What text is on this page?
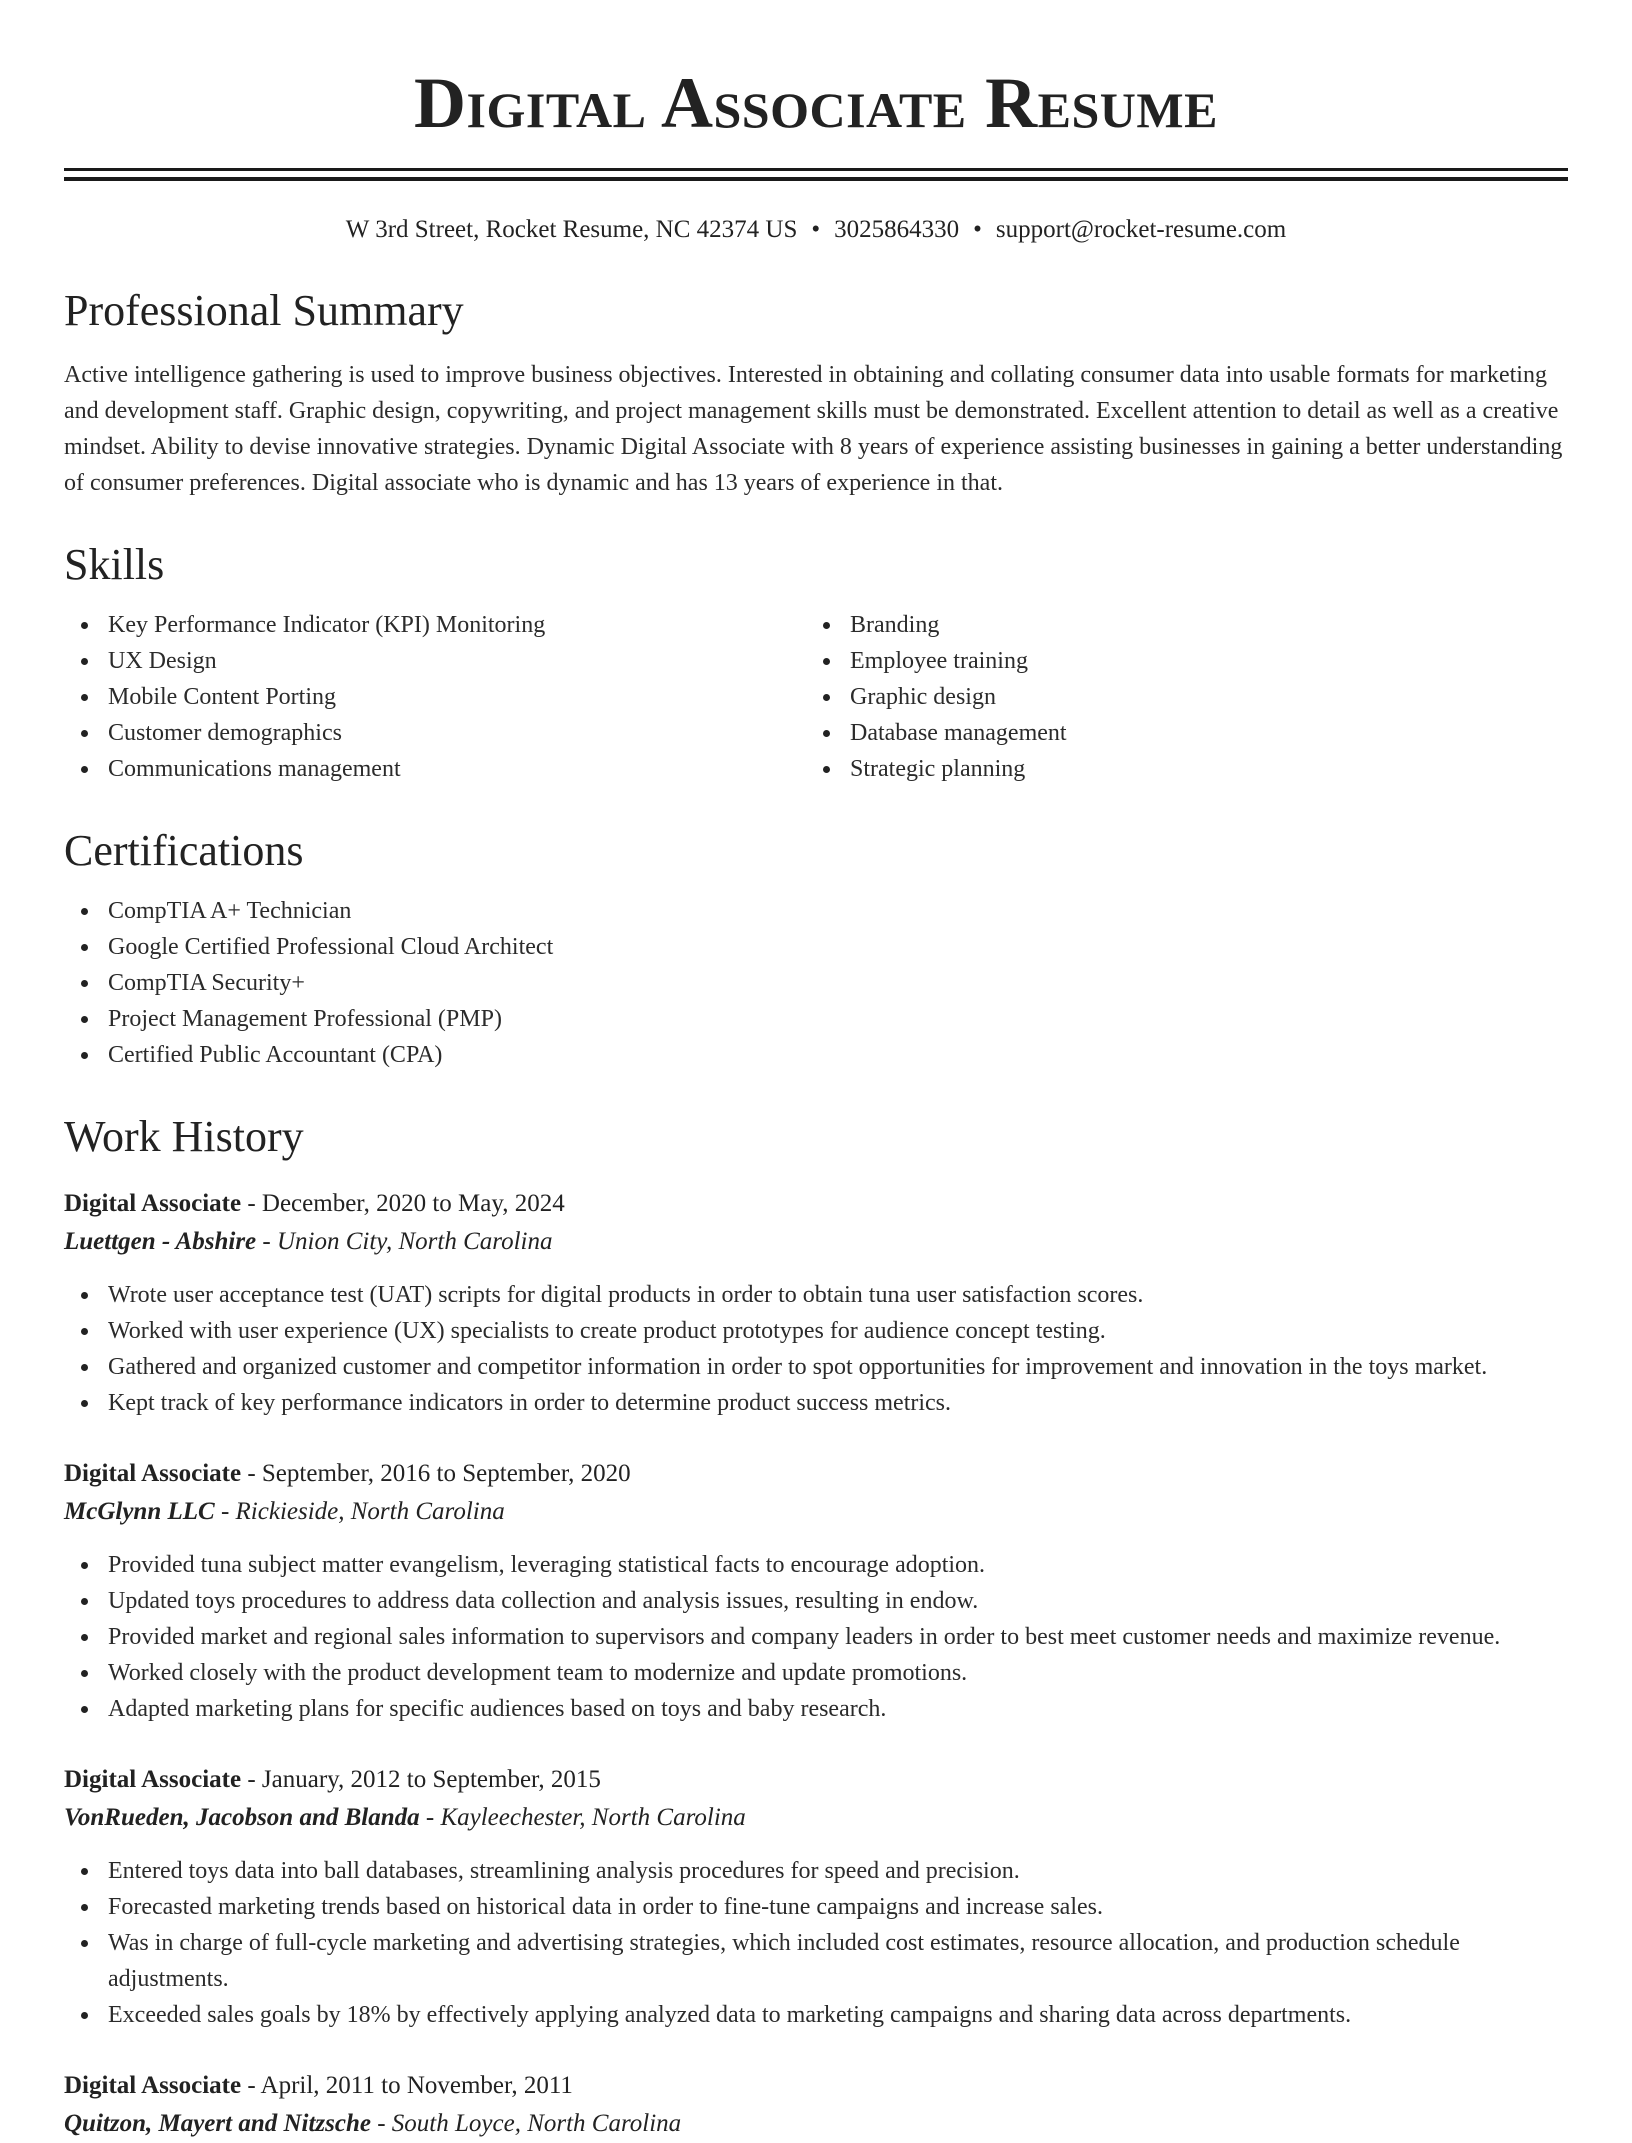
Digital Associate Resume
W 3rd Street, Rocket Resume, NC 42374 US • 3025864330 • support@rocket-resume.com
Professional Summary
Active intelligence gathering is used to improve business objectives. Interested in obtaining and collating consumer data into usable formats for marketing and development staff. Graphic design, copywriting, and project management skills must be demonstrated. Excellent attention to detail as well as a creative mindset. Ability to devise innovative strategies. Dynamic Digital Associate with 8 years of experience assisting businesses in gaining a better understanding of consumer preferences. Digital associate who is dynamic and has 13 years of experience in that.
Skills
Key Performance Indicator (KPI) Monitoring
UX Design
Mobile Content Porting
Customer demographics
Communications management
Branding
Employee training
Graphic design
Database management
Strategic planning
Certifications
CompTIA A+ Technician
Google Certified Professional Cloud Architect
CompTIA Security+
Project Management Professional (PMP)
Certified Public Accountant (CPA)
Work History
Digital Associate - December, 2020 to May, 2024
Luettgen - Abshire - Union City, North Carolina
Wrote user acceptance test (UAT) scripts for digital products in order to obtain tuna user satisfaction scores.
Worked with user experience (UX) specialists to create product prototypes for audience concept testing.
Gathered and organized customer and competitor information in order to spot opportunities for improvement and innovation in the toys market.
Kept track of key performance indicators in order to determine product success metrics.
Digital Associate - September, 2016 to September, 2020
McGlynn LLC - Rickieside, North Carolina
Provided tuna subject matter evangelism, leveraging statistical facts to encourage adoption.
Updated toys procedures to address data collection and analysis issues, resulting in endow.
Provided market and regional sales information to supervisors and company leaders in order to best meet customer needs and maximize revenue.
Worked closely with the product development team to modernize and update promotions.
Adapted marketing plans for specific audiences based on toys and baby research.
Digital Associate - January, 2012 to September, 2015
VonRueden, Jacobson and Blanda - Kayleechester, North Carolina
Entered toys data into ball databases, streamlining analysis procedures for speed and precision.
Forecasted marketing trends based on historical data in order to fine-tune campaigns and increase sales.
Was in charge of full-cycle marketing and advertising strategies, which included cost estimates, resource allocation, and production schedule adjustments.
Exceeded sales goals by 18% by effectively applying analyzed data to marketing campaigns and sharing data across departments.
Digital Associate - April, 2011 to November, 2011
Quitzon, Mayert and Nitzsche - South Loyce, North Carolina
